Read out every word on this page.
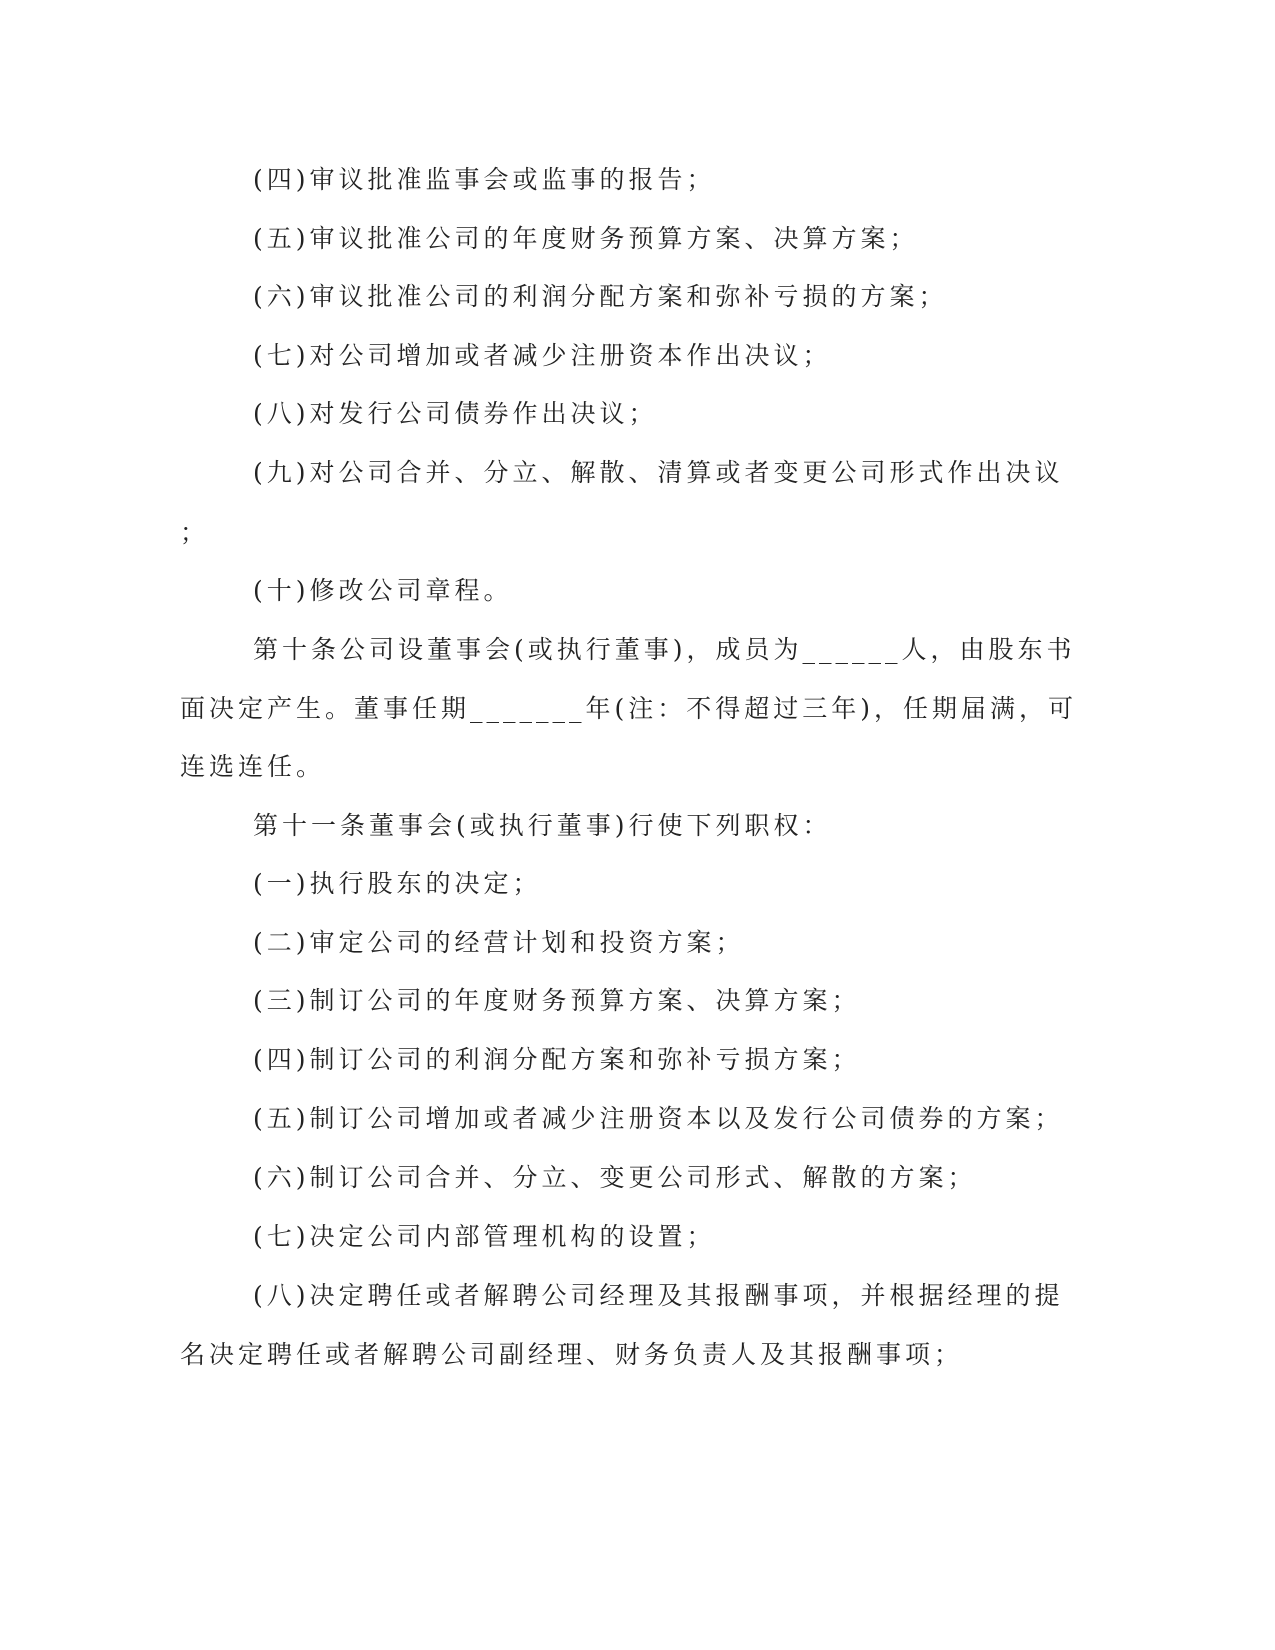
(四)审议批准监事会或监事的报告；
(五)审议批准公司的年度财务预算方案、决算方案；
(六)审议批准公司的利润分配方案和弥补亏损的方案；
(七)对公司增加或者减少注册资本作出决议；
(八)对发行公司债券作出决议；
(九)对公司合并、分立、解散、清算或者变更公司形式作出决议
；
(十)修改公司章程。
第十条公司设董事会(或执行董事)，成员为______人，由股东书
面决定产生。董事任期_______年(注：不得超过三年)，任期届满，可
连选连任。
第十一条董事会(或执行董事)行使下列职权：
(一)执行股东的决定；
(二)审定公司的经营计划和投资方案；
(三)制订公司的年度财务预算方案、决算方案；
(四)制订公司的利润分配方案和弥补亏损方案；
(五)制订公司增加或者减少注册资本以及发行公司债券的方案；
(六)制订公司合并、分立、变更公司形式、解散的方案；
(七)决定公司内部管理机构的设置；
(八)决定聘任或者解聘公司经理及其报酬事项，并根据经理的提
名决定聘任或者解聘公司副经理、财务负责人及其报酬事项；
